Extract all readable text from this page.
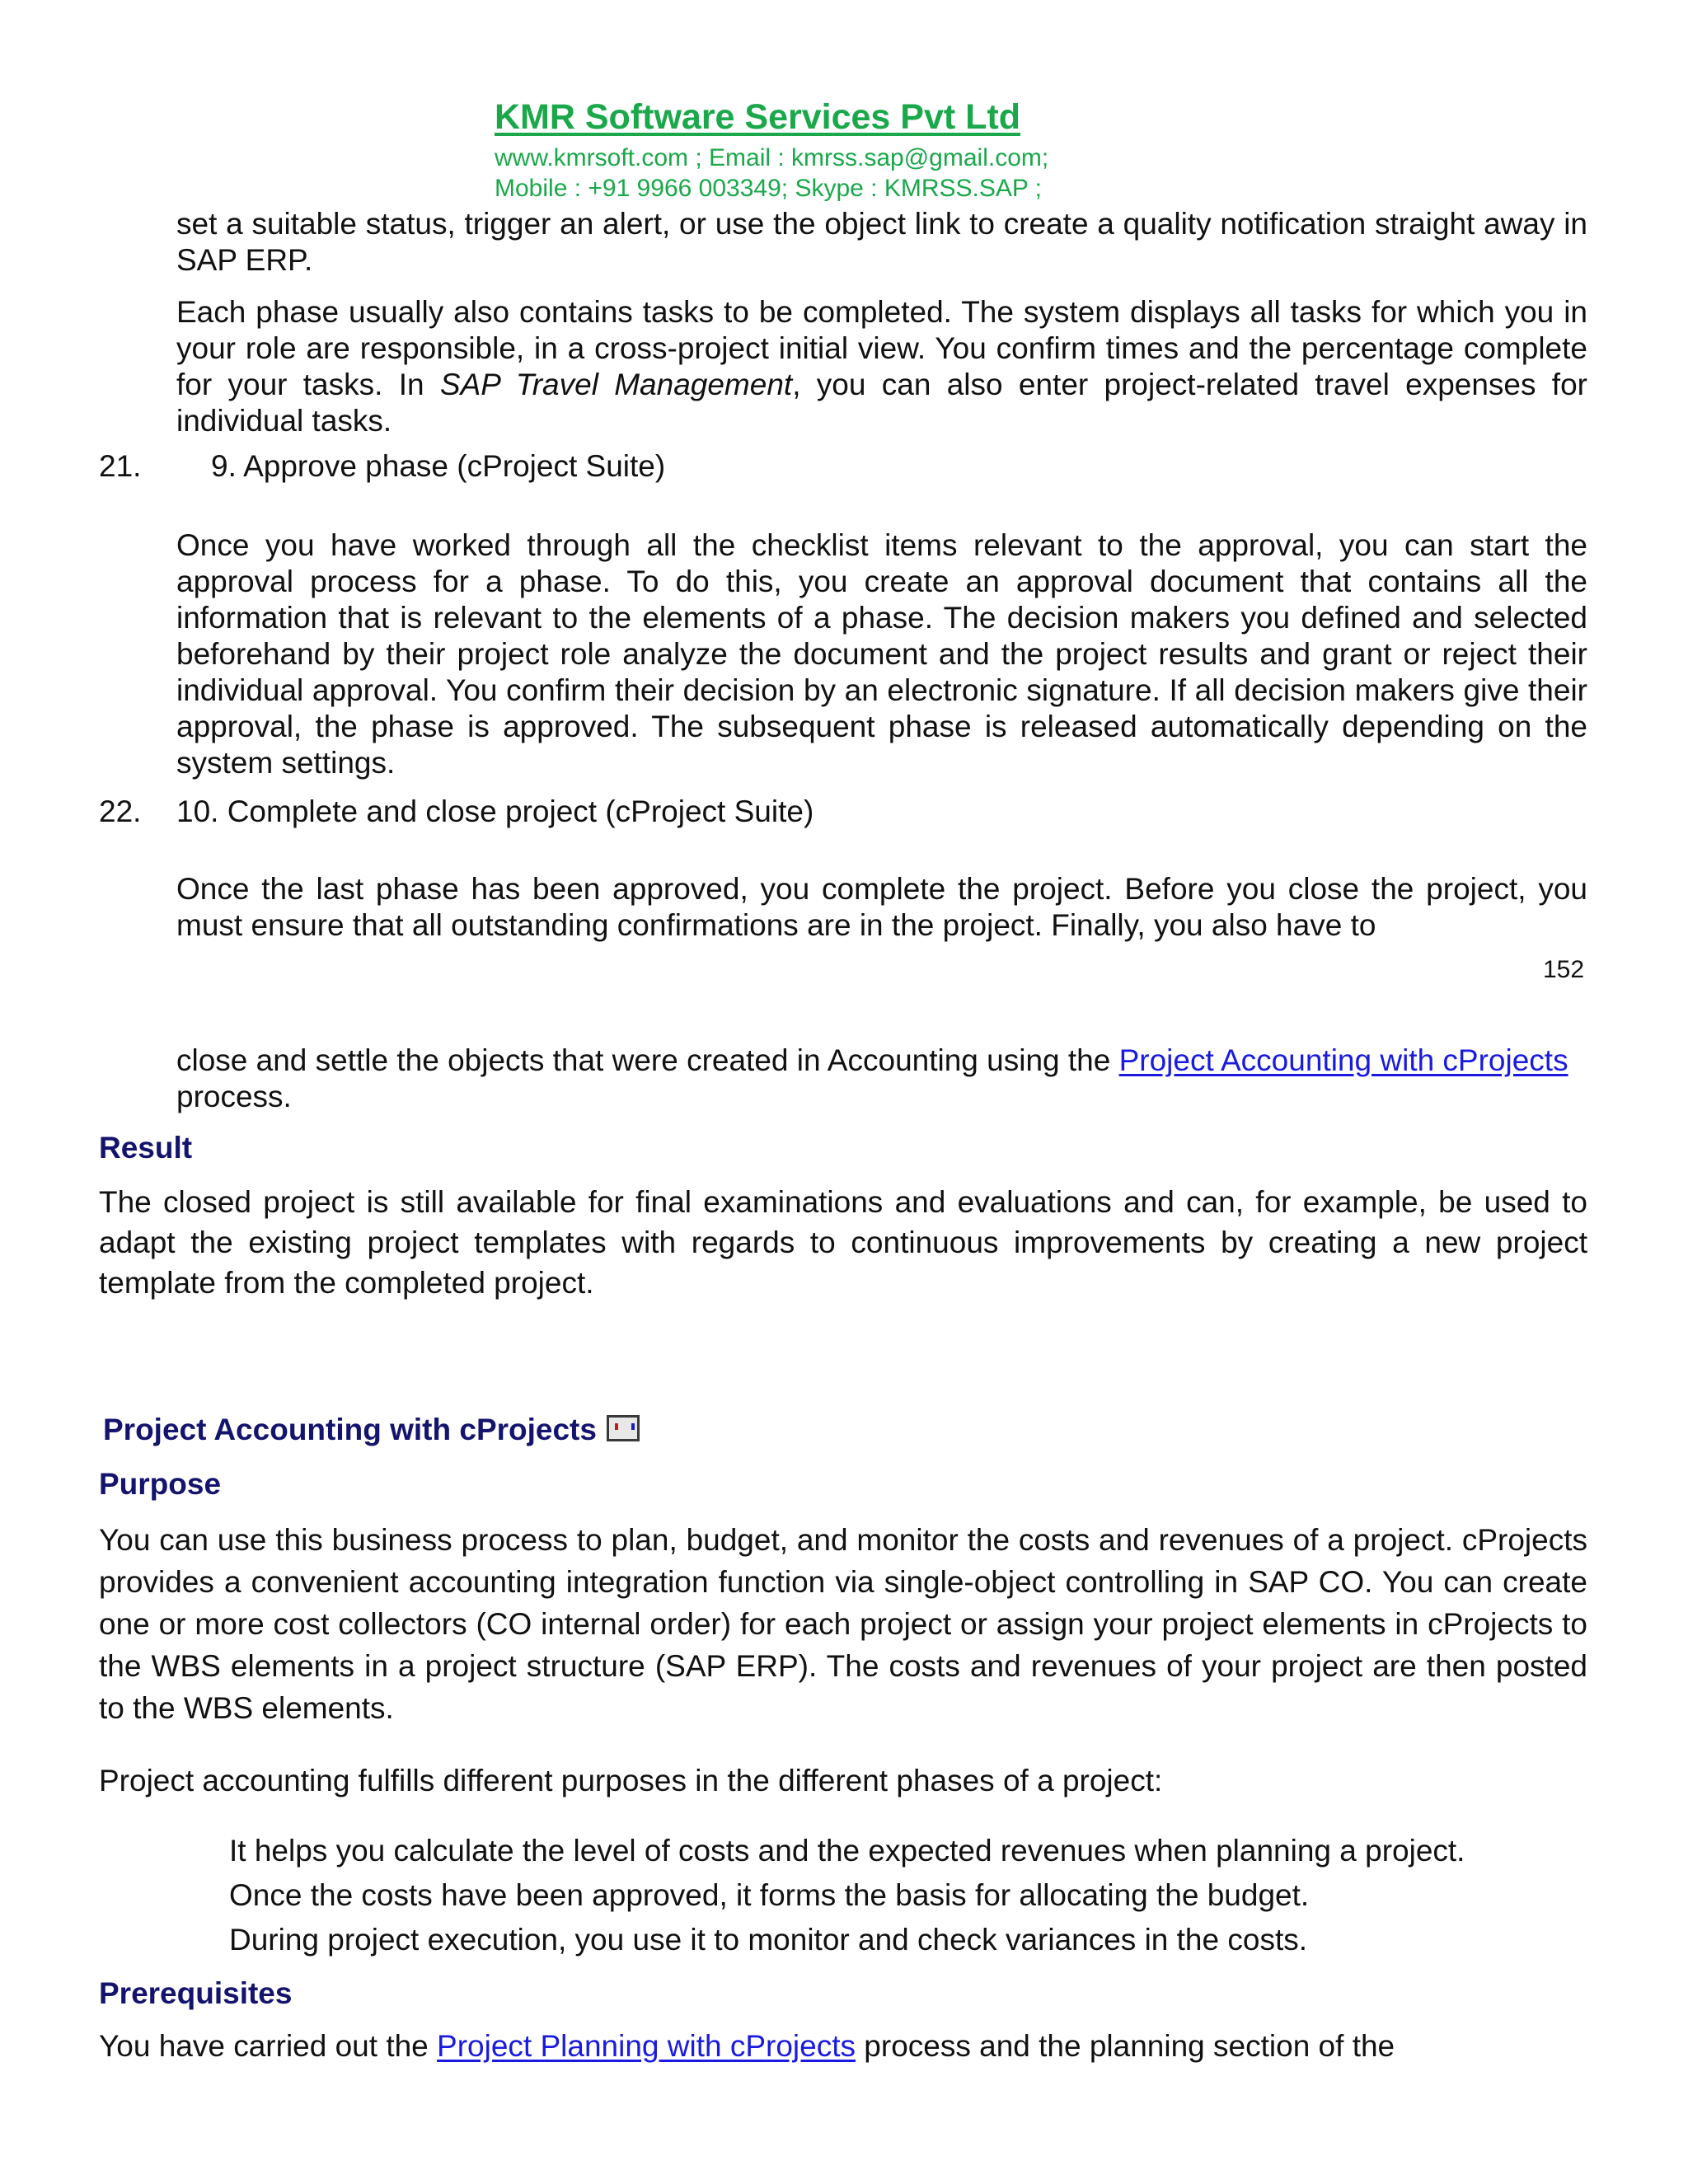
KMR Software Services Pvt Ltd
www.kmrsoft.com ; Email : kmrss.sap@gmail.com;
Mobile : +91 9966 003349; Skype : KMRSS.SAP ;

set a suitable status, trigger an alert, or use the object link to create a quality notification straight away in SAP ERP.

Each phase usually also contains tasks to be completed. The system displays all tasks for which you in your role are responsible, in a cross-project initial view. You confirm times and the percentage complete for your tasks. In SAP Travel Management, you can also enter project-related travel expenses for individual tasks.

21. 9. Approve phase (cProject Suite)

Once you have worked through all the checklist items relevant to the approval, you can start the approval process for a phase. To do this, you create an approval document that contains all the information that is relevant to the elements of a phase. The decision makers you defined and selected beforehand by their project role analyze the document and the project results and grant or reject their individual approval. You confirm their decision by an electronic signature. If all decision makers give their approval, the phase is approved. The subsequent phase is released automatically depending on the system settings.

22. 10. Complete and close project (cProject Suite)

Once the last phase has been approved, you complete the project. Before you close the project, you must ensure that all outstanding confirmations are in the project. Finally, you also have to

152

close and settle the objects that were created in Accounting using the Project Accounting with cProjects process.

Result

The closed project is still available for final examinations and evaluations and can, for example, be used to adapt the existing project templates with regards to continuous improvements by creating a new project template from the completed project.

Project Accounting with cProjects
Purpose

You can use this business process to plan, budget, and monitor the costs and revenues of a project. cProjects provides a convenient accounting integration function via single-object controlling in SAP CO. You can create one or more cost collectors (CO internal order) for each project or assign your project elements in cProjects to the WBS elements in a project structure (SAP ERP). The costs and revenues of your project are then posted to the WBS elements.

Project accounting fulfills different purposes in the different phases of a project:
It helps you calculate the level of costs and the expected revenues when planning a project.
Once the costs have been approved, it forms the basis for allocating the budget.
During project execution, you use it to monitor and check variances in the costs.
Prerequisites
You have carried out the Project Planning with cProjects process and the planning section of the
